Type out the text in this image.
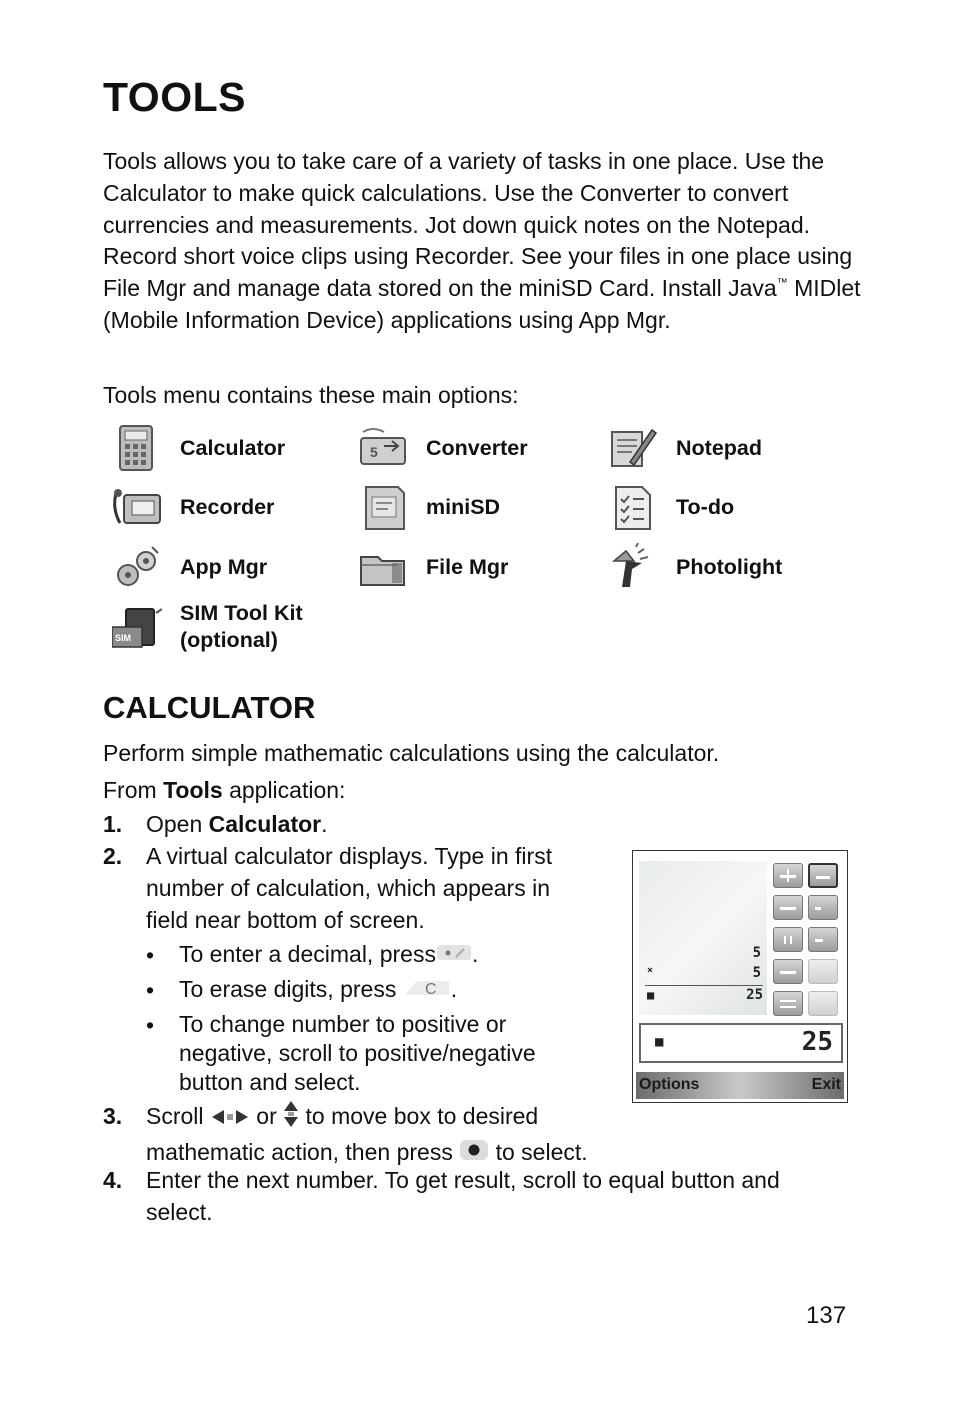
TOOLS

Tools allows you to take care of a variety of tasks in one place. Use the Calculator to make quick calculations. Use the Converter to convert currencies and measurements. Jot down quick notes on the Notepad. Record short voice clips using Recorder. See your files in one place using File Mgr and manage data stored on the miniSD Card. Install Java™ MIDlet (Mobile Information Device) applications using App Mgr.

Tools menu contains these main options:

Calculator	5 Converter	Notepad
Recorder	miniSD	To-do
App Mgr	File Mgr	Photolight
SIM
SIM Tool Kit
(optional)
CALCULATOR

Perform simple mathematic calculations using the calculator.

From Tools application:

1. Open Calculator.
2. A virtual calculator displays. Type in first
number of calculation, which appears in
field near bottom of screen.
• To enter a decimal, press .
• To erase digits, press C .
• To change number to positive or
negative, scroll to positive/negative
button and select.
3. Scroll  or  to move box to desired
mathematic action, then press  to select.
4. Enter the next number. To get result, scroll to equal button and
select.
5
×	5
■	25
■	25
Options	Exit
137
